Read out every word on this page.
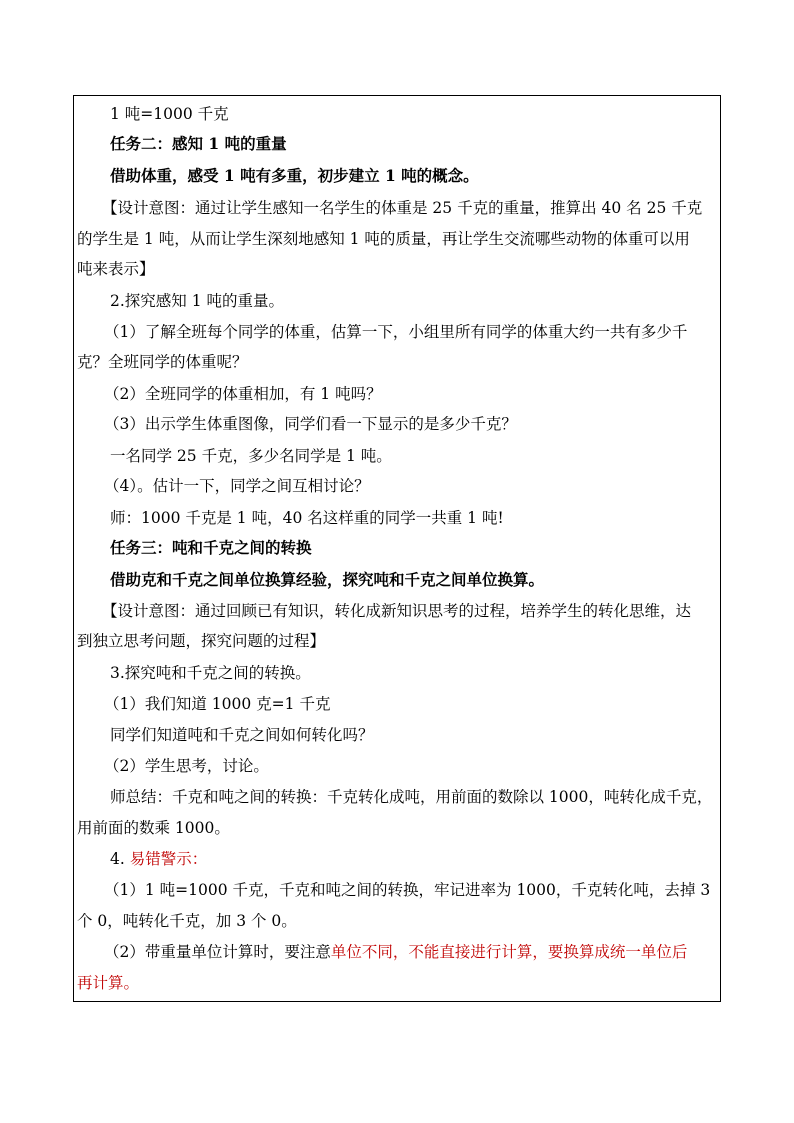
1 吨=1000 千克
任务二：感知 1 吨的重量
借助体重，感受 1 吨有多重，初步建立 1 吨的概念。
【设计意图：通过让学生感知一名学生的体重是 25 千克的重量，推算出 40 名 25 千克
的学生是 1 吨，从而让学生深刻地感知 1 吨的质量，再让学生交流哪些动物的体重可以用
吨来表示】
2.探究感知 1 吨的重量。
（1）了解全班每个同学的体重，估算一下，小组里所有同学的体重大约一共有多少千
克？全班同学的体重呢？
（2）全班同学的体重相加，有 1 吨吗？
（3）出示学生体重图像，同学们看一下显示的是多少千克？
一名同学 25 千克，多少名同学是 1 吨。
（4）。估计一下，同学之间互相讨论？
师：1000 千克是 1 吨，40 名这样重的同学一共重 1 吨!
任务三：吨和千克之间的转换
借助克和千克之间单位换算经验，探究吨和千克之间单位换算。
【设计意图：通过回顾已有知识，转化成新知识思考的过程，培养学生的转化思维，达
到独立思考问题，探究问题的过程】
3.探究吨和千克之间的转换。
（1）我们知道 1000 克=1 千克
同学们知道吨和千克之间如何转化吗？
（2）学生思考，讨论。
师总结：千克和吨之间的转换：千克转化成吨，用前面的数除以 1000，吨转化成千克，
用前面的数乘 1000。
4. 易错警示：
（1）1 吨=1000 千克，千克和吨之间的转换，牢记进率为 1000，千克转化吨，去掉 3
个 0，吨转化千克，加 3 个 0。
（2）带重量单位计算时，要注意单位不同，不能直接进行计算，要换算成统一单位后
再计算。
